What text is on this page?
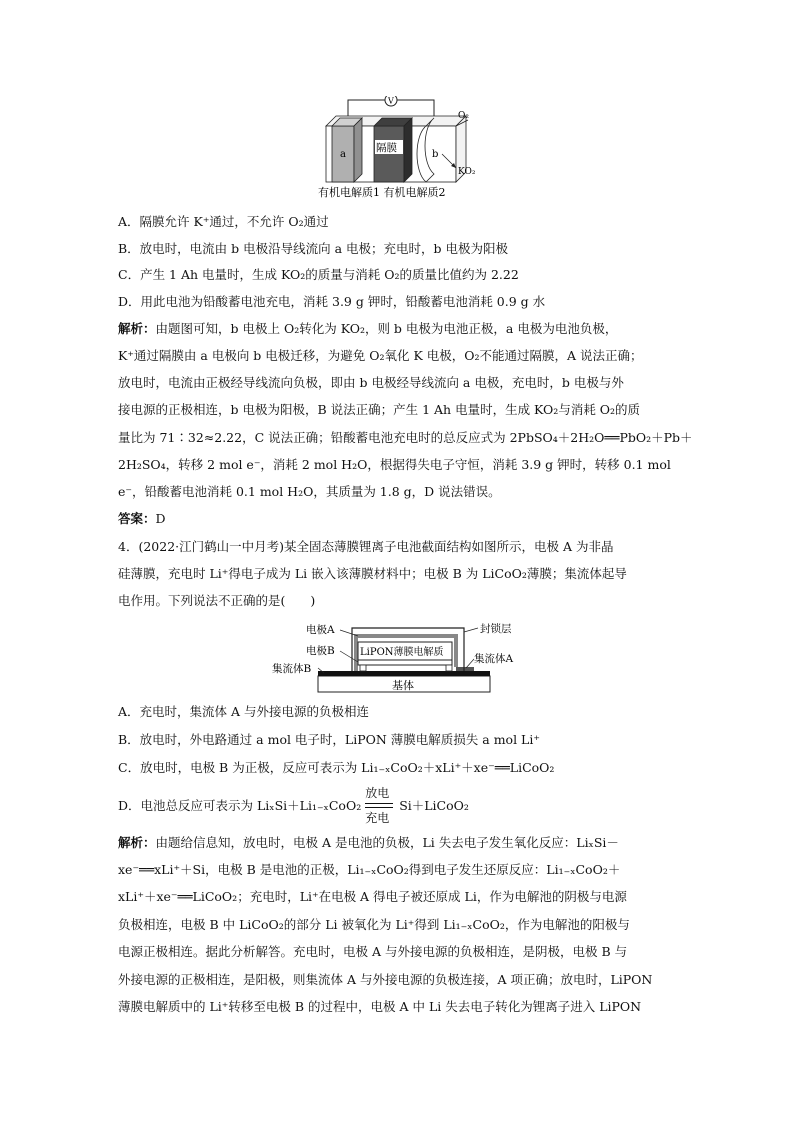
V
a
隔膜
b
O₂
KO₂
有机电解质1 有机电解质2
A．隔膜允许 K⁺通过，不允许 O₂通过
B．放电时，电流由 b 电极沿导线流向 a 电极；充电时，b 电极为阳极
C．产生 1 Ah 电量时，生成 KO₂的质量与消耗 O₂的质量比值约为 2.22
D．用此电池为铅酸蓄电池充电，消耗 3.9 g 钾时，铅酸蓄电池消耗 0.9 g 水
解析：由题图可知，b 电极上 O₂转化为 KO₂，则 b 电极为电池正极，a 电极为电池负极，
K⁺通过隔膜由 a 电极向 b 电极迁移，为避免 O₂氧化 K 电极，O₂不能通过隔膜，A 说法正确；
放电时，电流由正极经导线流向负极，即由 b 电极经导线流向 a 电极，充电时，b 电极与外
接电源的正极相连，b 电极为阳极，B 说法正确；产生 1 Ah 电量时，生成 KO₂与消耗 O₂的质
量比为 71∶32≈2.22，C 说法正确；铅酸蓄电池充电时的总反应式为 2PbSO₄＋2H₂O══PbO₂＋Pb＋
2H₂SO₄，转移 2 mol e⁻，消耗 2 mol H₂O，根据得失电子守恒，消耗 3.9 g 钾时，转移 0.1 mol
e⁻，铅酸蓄电池消耗 0.1 mol H₂O，其质量为 1.8 g，D 说法错误。
答案：D
4．(2022·江门鹤山一中月考)某全固态薄膜锂离子电池截面结构如图所示，电极 A 为非晶
硅薄膜，充电时 Li⁺得电子成为 Li 嵌入该薄膜材料中；电极 B 为 LiCoO₂薄膜；集流体起导
电作用。下列说法不正确的是(　　)
基体
LiPON薄膜电解质
电极A
电极B
集流体B
封锁层
集流体A
A．充电时，集流体 A 与外接电源的负极相连
B．放电时，外电路通过 a mol 电子时，LiPON 薄膜电解质损失 a mol Li⁺
C．放电时，电极 B 为正极，反应可表示为 Li₁₋ₓCoO₂＋xLi⁺＋xe⁻══LiCoO₂
D．电池总反应可表示为 LiₓSi＋Li₁₋ₓCoO₂
放电
充电
Si＋LiCoO₂
解析：由题给信息知，放电时，电极 A 是电池的负极，Li 失去电子发生氧化反应：LiₓSi－
xe⁻══xLi⁺＋Si，电极 B 是电池的正极，Li₁₋ₓCoO₂得到电子发生还原反应：Li₁₋ₓCoO₂＋
xLi⁺＋xe⁻══LiCoO₂；充电时，Li⁺在电极 A 得电子被还原成 Li，作为电解池的阴极与电源
负极相连，电极 B 中 LiCoO₂的部分 Li 被氧化为 Li⁺得到 Li₁₋ₓCoO₂，作为电解池的阳极与
电源正极相连。据此分析解答。充电时，电极 A 与外接电源的负极相连，是阴极，电极 B 与
外接电源的正极相连，是阳极，则集流体 A 与外接电源的负极连接，A 项正确；放电时，LiPON
薄膜电解质中的 Li⁺转移至电极 B 的过程中，电极 A 中 Li 失去电子转化为锂离子进入 LiPON
